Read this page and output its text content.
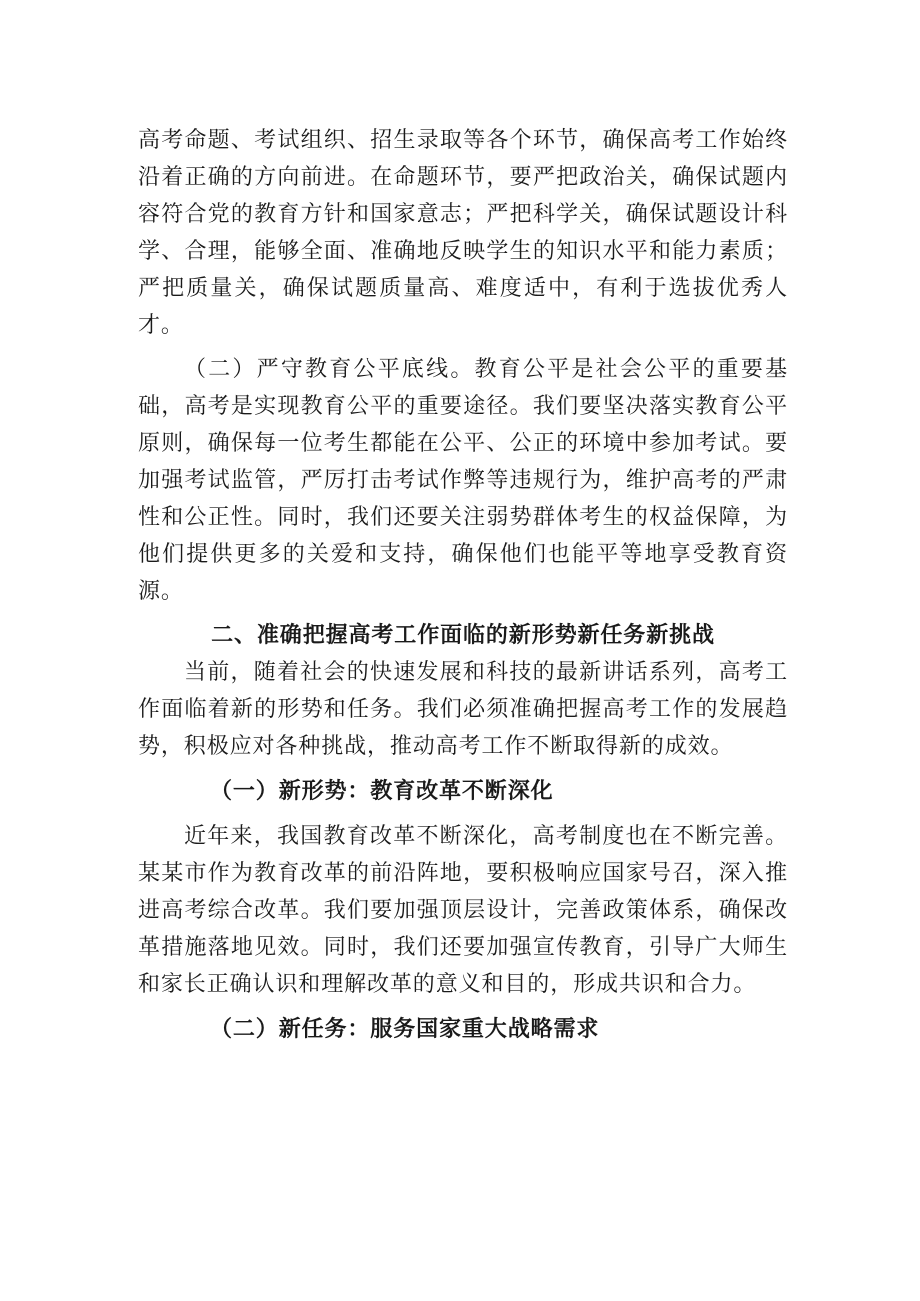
高考命题、考试组织、招生录取等各个环节，确保高考工作始终沿着正确的方向前进。在命题环节，要严把政治关，确保试题内容符合党的教育方针和国家意志；严把科学关，确保试题设计科学、合理，能够全面、准确地反映学生的知识水平和能力素质；严把质量关，确保试题质量高、难度适中，有利于选拔优秀人才。

（二）严守教育公平底线。教育公平是社会公平的重要基础，高考是实现教育公平的重要途径。我们要坚决落实教育公平原则，确保每一位考生都能在公平、公正的环境中参加考试。要加强考试监管，严厉打击考试作弊等违规行为，维护高考的严肃性和公正性。同时，我们还要关注弱势群体考生的权益保障，为他们提供更多的关爱和支持，确保他们也能平等地享受教育资源。

二、准确把握高考工作面临的新形势新任务新挑战

当前，随着社会的快速发展和科技的最新讲话系列，高考工作面临着新的形势和任务。我们必须准确把握高考工作的发展趋势，积极应对各种挑战，推动高考工作不断取得新的成效。

（一）新形势：教育改革不断深化

近年来，我国教育改革不断深化，高考制度也在不断完善。某某市作为教育改革的前沿阵地，要积极响应国家号召，深入推进高考综合改革。我们要加强顶层设计，完善政策体系，确保改革措施落地见效。同时，我们还要加强宣传教育，引导广大师生和家长正确认识和理解改革的意义和目的，形成共识和合力。

（二）新任务：服务国家重大战略需求
